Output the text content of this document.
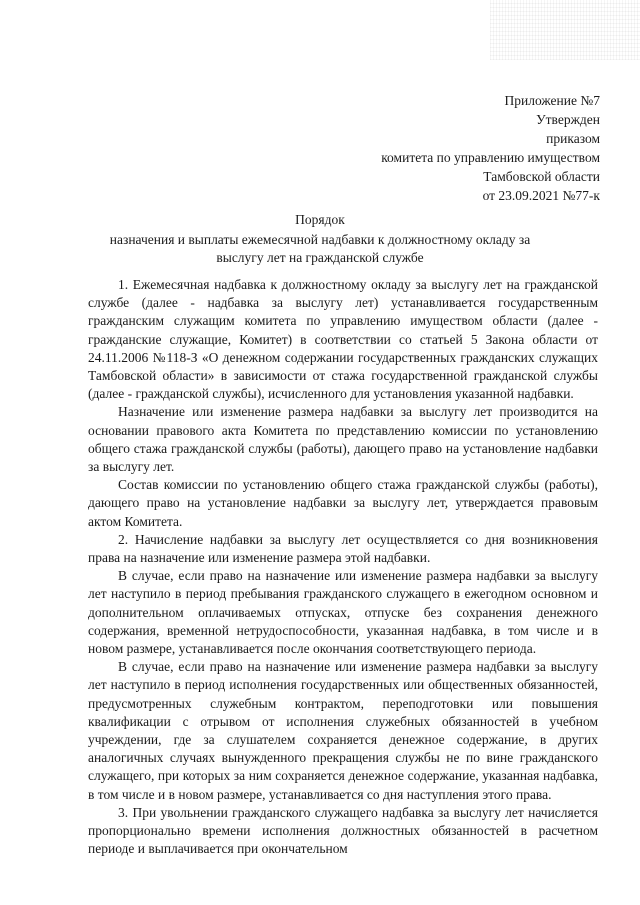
Приложение №7
Утвержден
приказом
комитета по управлению имуществом
Тамбовской области
от 23.09.2021 №77-к
Порядок
назначения и выплаты ежемесячной надбавки к должностному окладу за
выслугу лет на гражданской службе

1. Ежемесячная надбавка к должностному окладу за выслугу лет на гражданской службе (далее - надбавка за выслугу лет) устанавливается государственным гражданским служащим комитета по управлению имуществом области (далее - гражданские служащие, Комитет) в соответствии со статьей 5 Закона области от 24.11.2006 №118-З «О денежном содержании государственных гражданских служащих Тамбовской области» в зависимости от стажа государственной гражданской службы (далее - гражданской службы), исчисленного для установления указанной надбавки.

Назначение или изменение размера надбавки за выслугу лет производится на основании правового акта Комитета по представлению комиссии по установлению общего стажа гражданской службы (работы), дающего право на установление надбавки за выслугу лет.

Состав комиссии по установлению общего стажа гражданской службы (работы), дающего право на установление надбавки за выслугу лет, утверждается правовым актом Комитета.

2. Начисление надбавки за выслугу лет осуществляется со дня возникновения права на назначение или изменение размера этой надбавки.

В случае, если право на назначение или изменение размера надбавки за выслугу лет наступило в период пребывания гражданского служащего в ежегодном основном и дополнительном оплачиваемых отпусках, отпуске без сохранения денежного содержания, временной нетрудоспособности, указанная надбавка, в том числе и в новом размере, устанавливается после окончания соответствующего периода.

В случае, если право на назначение или изменение размера надбавки за выслугу лет наступило в период исполнения государственных или общественных обязанностей, предусмотренных служебным контрактом, переподготовки или повышения квалификации с отрывом от исполнения служебных обязанностей в учебном учреждении, где за слушателем сохраняется денежное содержание, в других аналогичных случаях вынужденного прекращения службы не по вине гражданского служащего, при которых за ним сохраняется денежное содержание, указанная надбавка, в том числе и в новом размере, устанавливается со дня наступления этого права.

3. При увольнении гражданского служащего надбавка за выслугу лет начисляется пропорционально времени исполнения должностных обязанностей в расчетном периоде и выплачивается при окончательном
